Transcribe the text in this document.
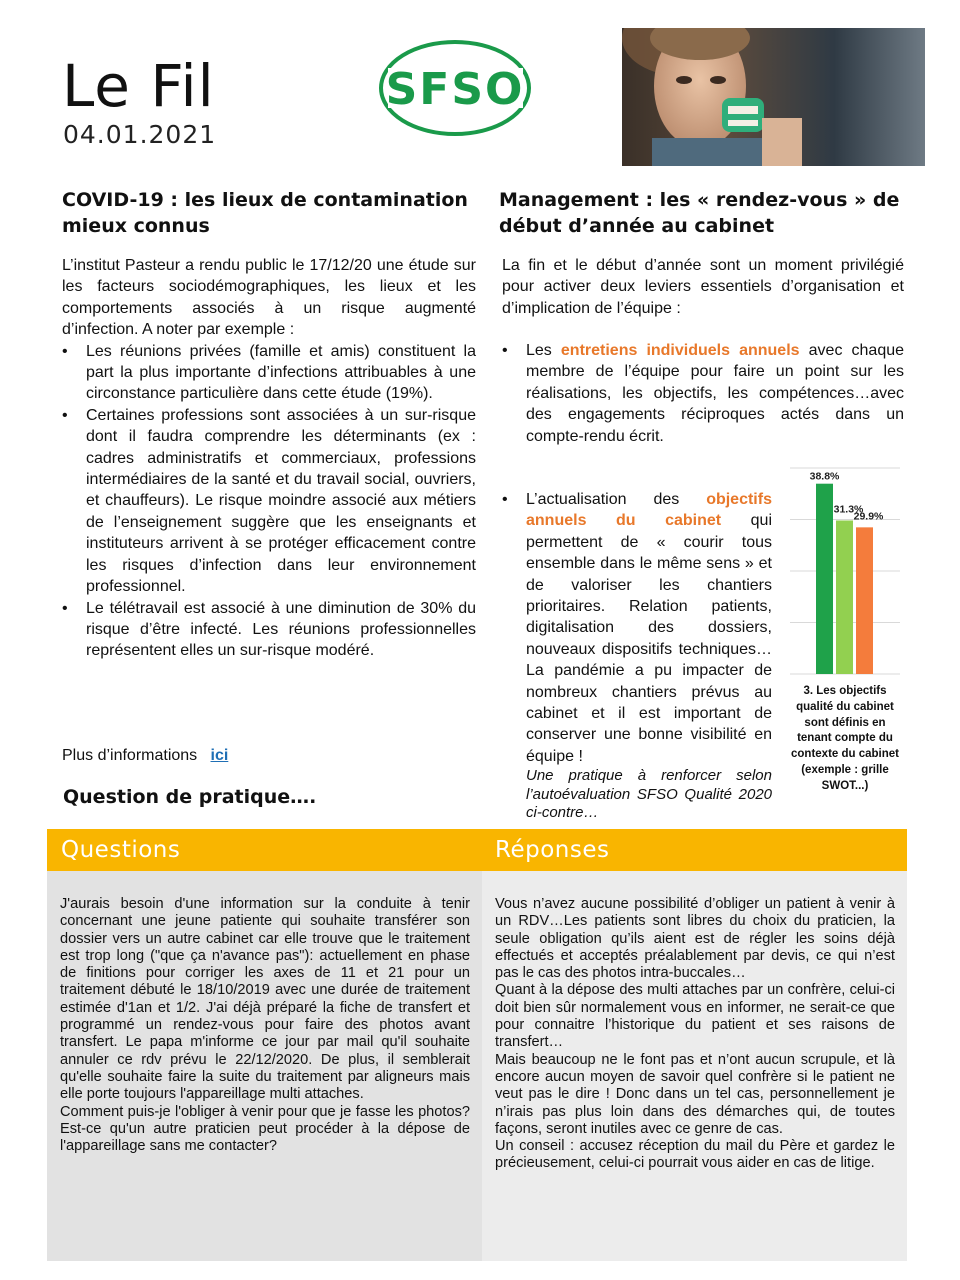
Le Fil
04.01.2021
SFSO
COVID-19 : les lieux de contamination mieux connus

L’institut Pasteur a rendu public le 17/12/20 une étude sur les facteurs sociodémographiques, les lieux et les comportements associés à un risque augmenté d’infection. A noter par exemple :

• Les réunions privées (famille et amis) constituent la part la plus importante d’infections attribuables à une circonstance particulière dans cette étude (19%).
• Certaines professions sont associées à un sur-risque dont il faudra comprendre les déterminants (ex : cadres administratifs et commerciaux, professions intermédiaires de la santé et du travail social, ouvriers, et chauffeurs). Le risque moindre associé aux métiers de l’enseignement suggère que les enseignants et instituteurs arrivent à se protéger efficacement contre les risques d’infection dans leur environnement professionnel.
• Le télétravail est associé à une diminution de 30% du risque d’être infecté. Les réunions professionnelles représentent elles un sur-risque modéré.
Plus d’informations ici
Question de pratique….
Management : les « rendez-vous » de début d’année au cabinet

La fin et le début d’année sont un moment privilégié pour activer deux leviers essentiels d’organisation et d’implication de l’équipe :

• Les entretiens individuels annuels avec chaque membre de l’équipe pour faire un point sur les réalisations, les objectifs, les compétences…avec des engagements réciproques actés dans un compte-rendu écrit.
• L’actualisation des objectifs annuels du cabinet qui permettent de « courir tous ensemble dans le même sens » et de valoriser les chantiers prioritaires. Relation patients, digitalisation des dossiers, nouveaux dispositifs techniques… La pandémie a pu impacter de nombreux chantiers prévus au cabinet et il est important de conserver une bonne visibilité en équipe !

Une pratique à renforcer selon l’autoévaluation SFSO Qualité 2020 ci-contre…

38.8%
31.3%
29.9%
3. Les objectifs qualité du cabinet sont définis en tenant compte du contexte du cabinet (exemple : grille SWOT...)
Questions	Réponses

J'aurais besoin d'une information sur la conduite à tenir concernant une jeune patiente qui souhaite transférer son dossier vers un autre cabinet car elle trouve que le traitement est trop long ("que ça n'avance pas"): actuellement en phase de finitions pour corriger les axes de 11 et 21 pour un traitement débuté le 18/10/2019 avec une durée de traitement estimée d'1an et 1/2. J'ai déjà préparé la fiche de transfert et programmé un rendez-vous pour faire des photos avant transfert. Le papa m'informe ce jour par mail qu'il souhaite annuler ce rdv prévu le 22/12/2020. De plus, il semblerait qu'elle souhaite faire la suite du traitement par aligneurs mais elle porte toujours l'appareillage multi attaches.

Comment puis-je l'obliger à venir pour que je fasse les photos? Est-ce qu'un autre praticien peut procéder à la dépose de l'appareillage sans me contacter?

Vous n’avez aucune possibilité d’obliger un patient à venir à un RDV…Les patients sont libres du choix du praticien, la seule obligation qu’ils aient est de régler les soins déjà effectués et acceptés préalablement par devis, ce qui n’est pas le cas des photos intra-buccales…

Quant à la dépose des multi attaches par un confrère, celui-ci doit bien sûr normalement vous en informer, ne serait-ce que pour connaitre l’historique du patient et ses raisons de transfert…

Mais beaucoup ne le font pas et n’ont aucun scrupule, et là encore aucun moyen de savoir quel confrère si le patient ne veut pas le dire ! Donc dans un tel cas, personnellement je n’irais pas plus loin dans des démarches qui, de toutes façons, seront inutiles avec ce genre de cas.

Un conseil : accusez réception du mail du Père et gardez le précieusement, celui-ci pourrait vous aider en cas de litige.
